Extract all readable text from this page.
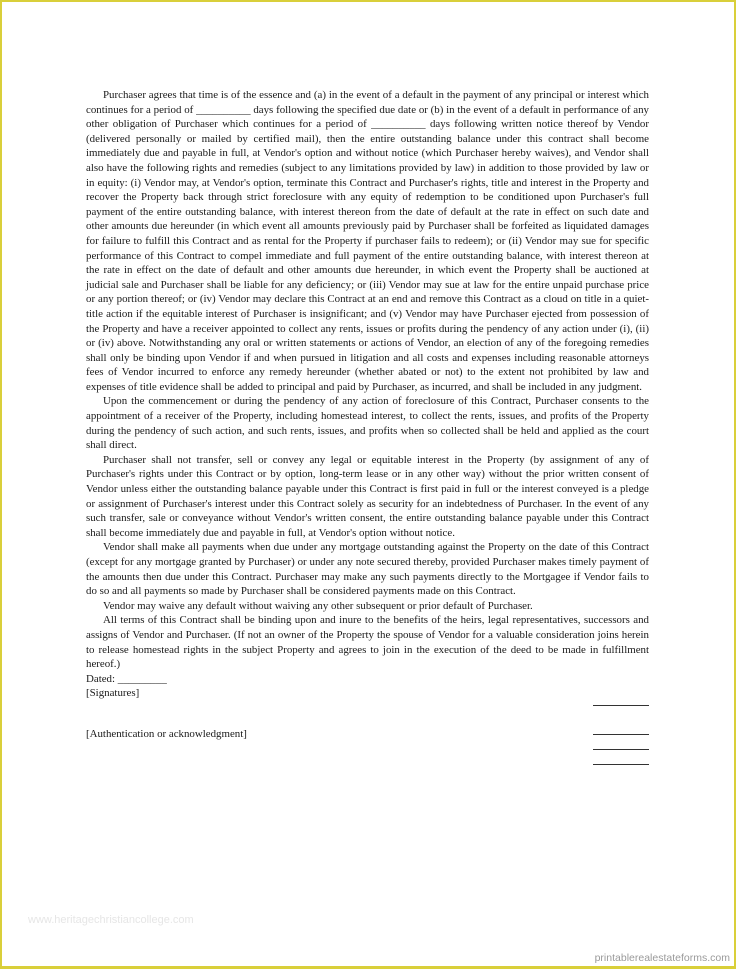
Purchaser agrees that time is of the essence and (a) in the event of a default in the payment of any principal or interest which continues for a period of __________ days following the specified due date or (b) in the event of a default in performance of any other obligation of Purchaser which continues for a period of __________ days following written notice thereof by Vendor (delivered personally or mailed by certified mail), then the entire outstanding balance under this contract shall become immediately due and payable in full, at Vendor's option and without notice (which Purchaser hereby waives), and Vendor shall also have the following rights and remedies (subject to any limitations provided by law) in addition to those provided by law or in equity: (i) Vendor may, at Vendor's option, terminate this Contract and Purchaser's rights, title and interest in the Property and recover the Property back through strict foreclosure with any equity of redemption to be conditioned upon Purchaser's full payment of the entire outstanding balance, with interest thereon from the date of default at the rate in effect on such date and other amounts due hereunder (in which event all amounts previously paid by Purchaser shall be forfeited as liquidated damages for failure to fulfill this Contract and as rental for the Property if purchaser fails to redeem); or (ii) Vendor may sue for specific performance of this Contract to compel immediate and full payment of the entire outstanding balance, with interest thereon at the rate in effect on the date of default and other amounts due hereunder, in which event the Property shall be auctioned at judicial sale and Purchaser shall be liable for any deficiency; or (iii) Vendor may sue at law for the entire unpaid purchase price or any portion thereof; or (iv) Vendor may declare this Contract at an end and remove this Contract as a cloud on title in a quiet-title action if the equitable interest of Purchaser is insignificant; and (v) Vendor may have Purchaser ejected from possession of the Property and have a receiver appointed to collect any rents, issues or profits during the pendency of any action under (i), (ii) or (iv) above. Notwithstanding any oral or written statements or actions of Vendor, an election of any of the foregoing remedies shall only be binding upon Vendor if and when pursued in litigation and all costs and expenses including reasonable attorneys fees of Vendor incurred to enforce any remedy hereunder (whether abated or not) to the extent not prohibited by law and expenses of title evidence shall be added to principal and paid by Purchaser, as incurred, and shall be included in any judgment.

Upon the commencement or during the pendency of any action of foreclosure of this Contract, Purchaser consents to the appointment of a receiver of the Property, including homestead interest, to collect the rents, issues, and profits of the Property during the pendency of such action, and such rents, issues, and profits when so collected shall be held and applied as the court shall direct.

Purchaser shall not transfer, sell or convey any legal or equitable interest in the Property (by assignment of any of Purchaser's rights under this Contract or by option, long-term lease or in any other way) without the prior written consent of Vendor unless either the outstanding balance payable under this Contract is first paid in full or the interest conveyed is a pledge or assignment of Purchaser's interest under this Contract solely as security for an indebtedness of Purchaser. In the event of any such transfer, sale or conveyance without Vendor's written consent, the entire outstanding balance payable under this Contract shall become immediately due and payable in full, at Vendor's option without notice.

Vendor shall make all payments when due under any mortgage outstanding against the Property on the date of this Contract (except for any mortgage granted by Purchaser) or under any note secured thereby, provided Purchaser makes timely payment of the amounts then due under this Contract. Purchaser may make any such payments directly to the Mortgagee if Vendor fails to do so and all payments so made by Purchaser shall be considered payments made on this Contract.

Vendor may waive any default without waiving any other subsequent or prior default of Purchaser.

All terms of this Contract shall be binding upon and inure to the benefits of the heirs, legal representatives, successors and assigns of Vendor and Purchaser. (If not an owner of the Property the spouse of Vendor for a valuable consideration joins herein to release homestead rights in the subject Property and agrees to join in the execution of the deed to be made in fulfillment hereof.)

Dated: _________

[Signatures]

[Authentication or acknowledgment]

www.heritagechristiancollege.com
printablerealestateforms.com
